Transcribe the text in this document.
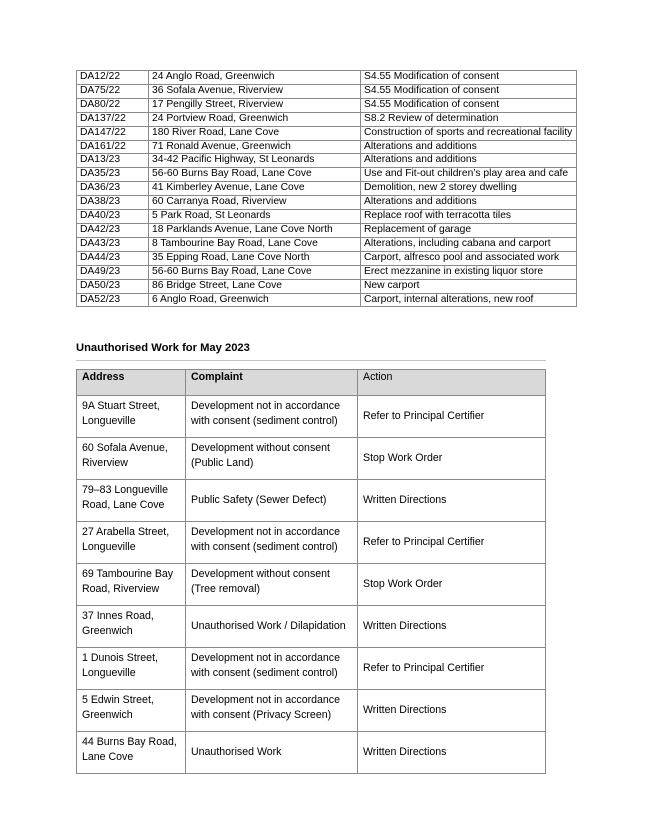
DA12/22	24 Anglo Road, Greenwich	S4.55 Modification of consent
DA75/22	36 Sofala Avenue, Riverview	S4.55 Modification of consent
DA80/22	17 Pengilly Street, Riverview	S4.55 Modification of consent
DA137/22	24 Portview Road, Greenwich	S8.2 Review of determination
DA147/22	180 River Road, Lane Cove	Construction of sports and recreational facility
DA161/22	71 Ronald Avenue, Greenwich	Alterations and additions
DA13/23	34-42 Pacific Highway, St Leonards	Alterations and additions
DA35/23	56-60 Burns Bay Road, Lane Cove	Use and Fit-out children’s play area and cafe
DA36/23	41 Kimberley Avenue, Lane Cove	Demolition, new 2 storey dwelling
DA38/23	60 Carranya Road, Riverview	Alterations and additions
DA40/23	5 Park Road, St Leonards	Replace roof with terracotta tiles
DA42/23	18 Parklands Avenue, Lane Cove North	Replacement of garage
DA43/23	8 Tambourine Bay Road, Lane Cove	Alterations, including cabana and carport
DA44/23	35 Epping Road, Lane Cove North	Carport, alfresco pool and associated work
DA49/23	56-60 Burns Bay Road, Lane Cove	Erect mezzanine in existing liquor store
DA50/23	86 Bridge Street, Lane Cove	New carport
DA52/23	6 Anglo Road, Greenwich	Carport, internal alterations, new roof
Unauthorised Work for May 2023
Address	Complaint	Action
9A Stuart Street, Longueville	Development not in accordance with consent (sediment control)	Refer to Principal Certifier
60 Sofala Avenue, Riverview	Development without consent (Public Land)	Stop Work Order
79–83 Longueville Road, Lane Cove	Public Safety (Sewer Defect)	Written Directions
27 Arabella Street, Longueville	Development not in accordance with consent (sediment control)	Refer to Principal Certifier
69 Tambourine Bay Road, Riverview	Development without consent (Tree removal)	Stop Work Order
37 Innes Road, Greenwich	Unauthorised Work / Dilapidation	Written Directions
1 Dunois Street, Longueville	Development not in accordance with consent (sediment control)	Refer to Principal Certifier
5 Edwin Street, Greenwich	Development not in accordance with consent (Privacy Screen)	Written Directions
44 Burns Bay Road, Lane Cove	Unauthorised Work	Written Directions
